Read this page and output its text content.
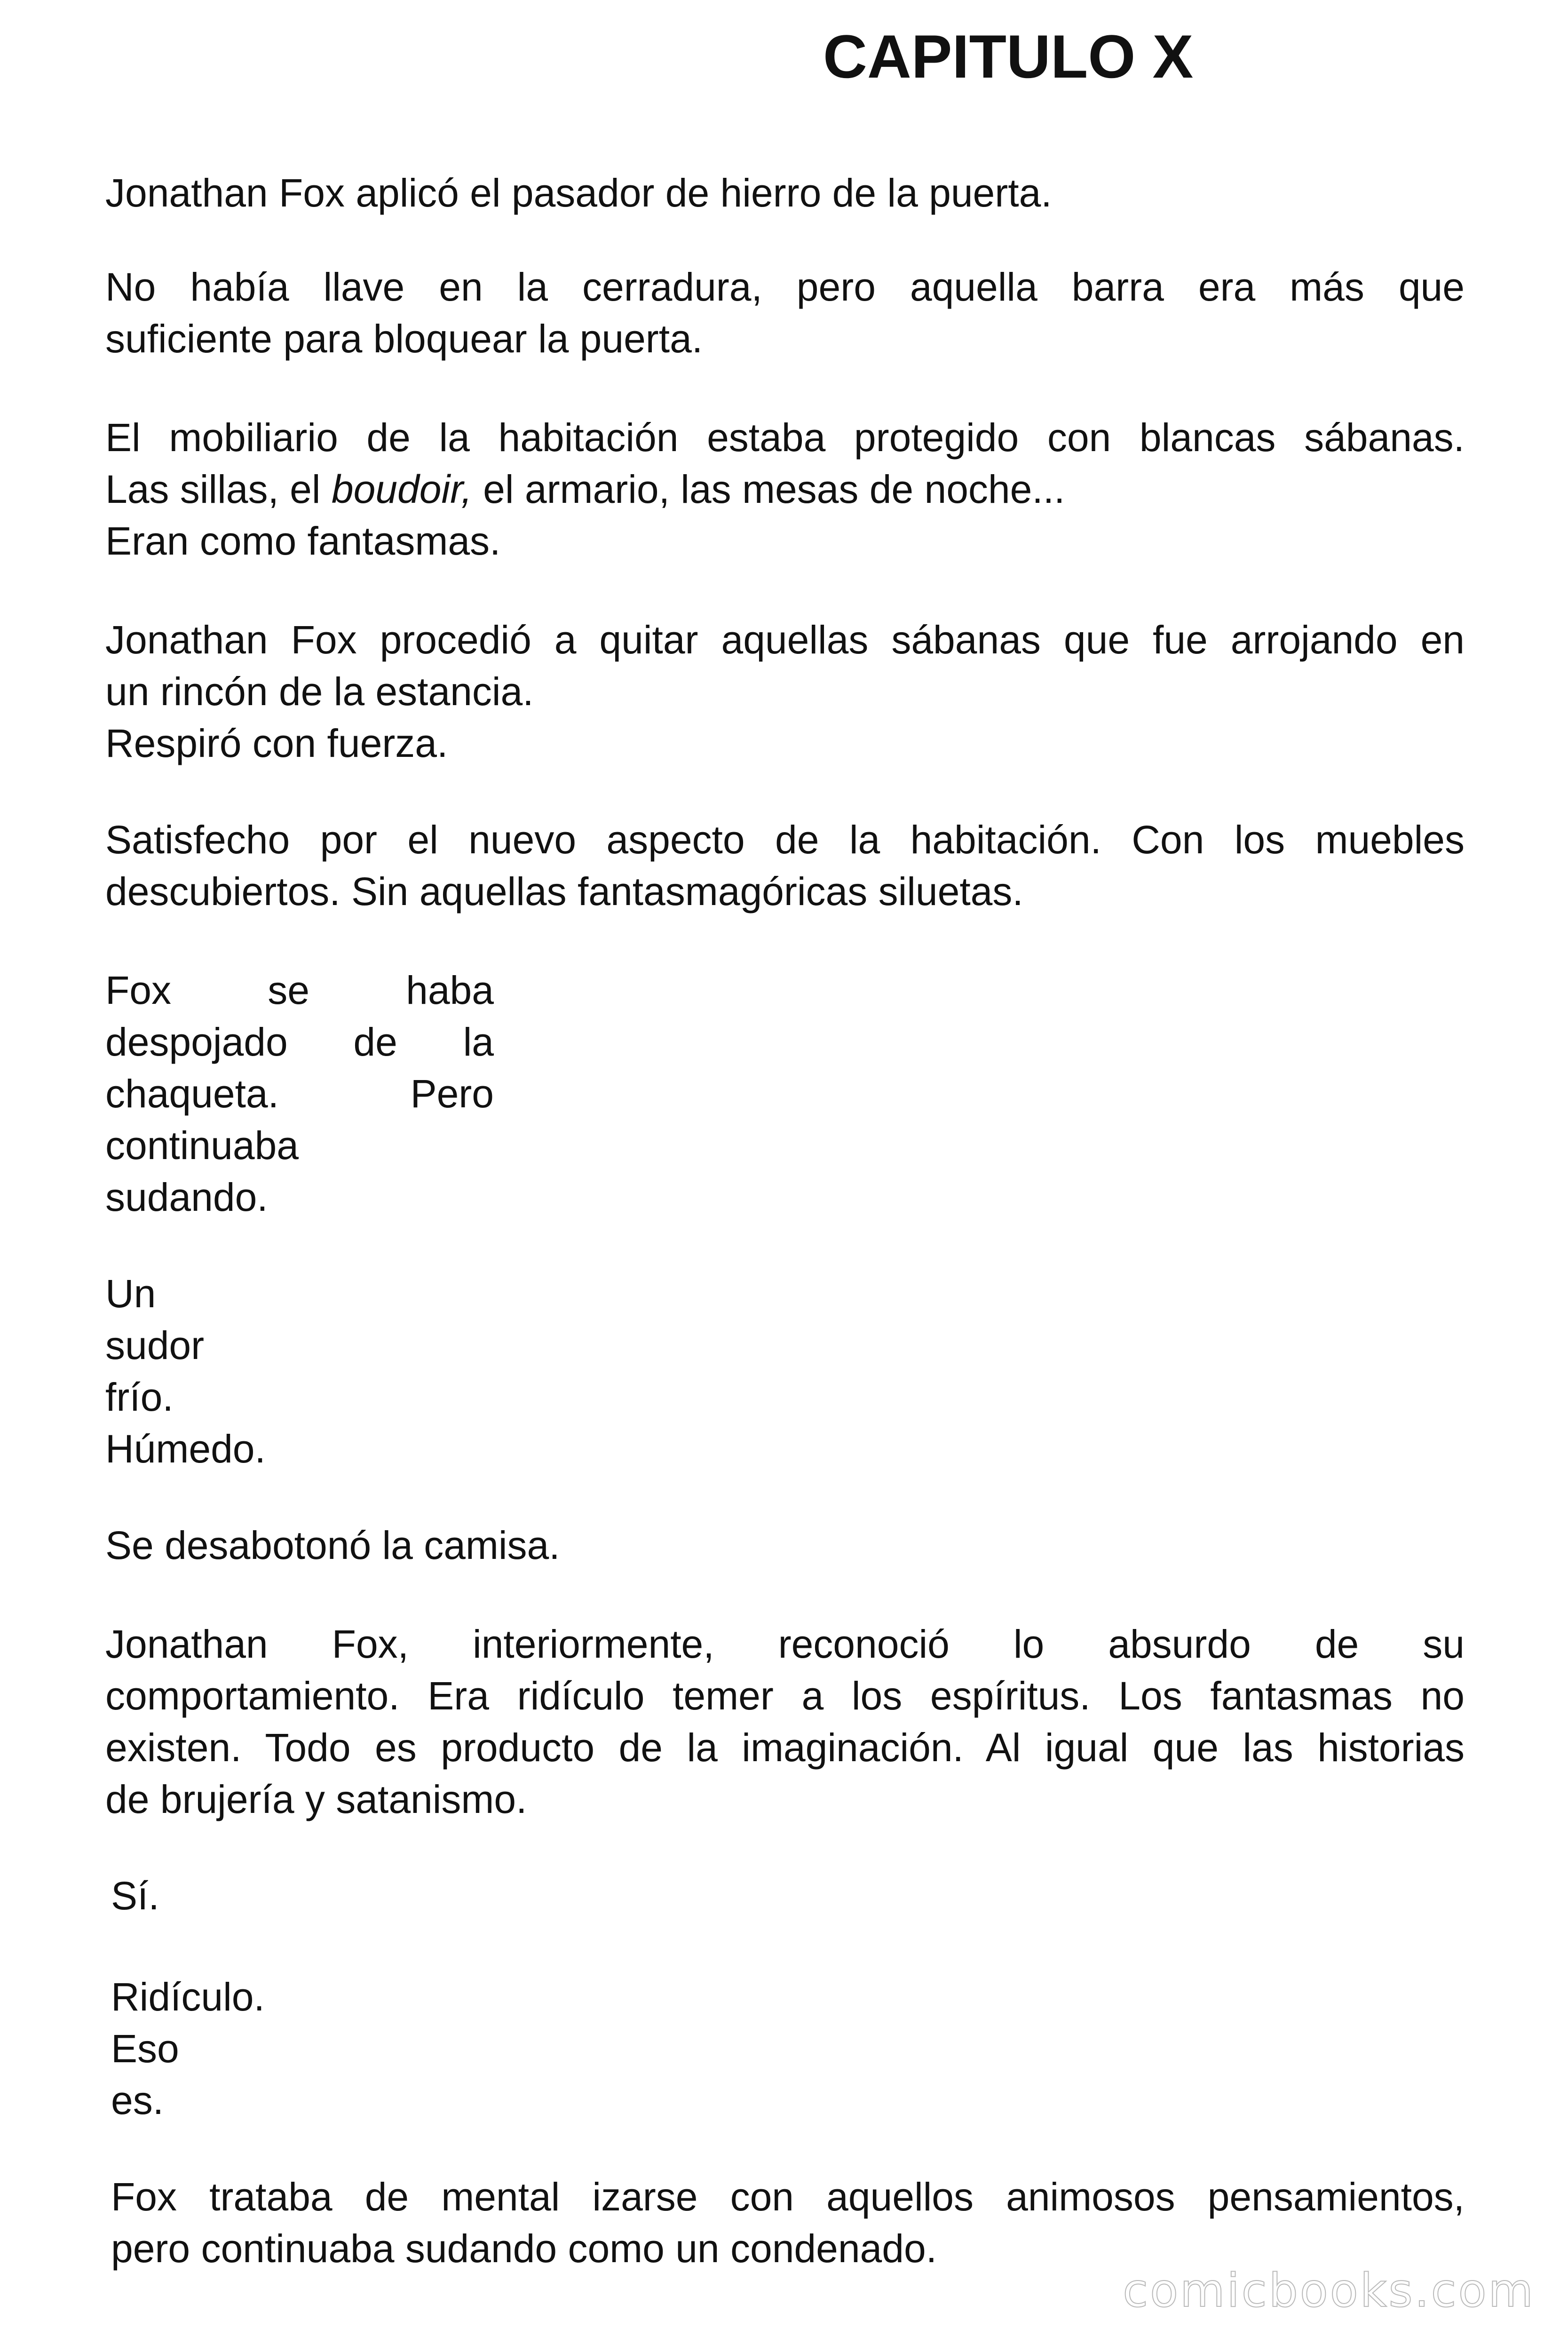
CAPITULO X

Jonathan Fox aplicó el pasador de hierro de la puerta.

No había llave en la cerradura, pero aquella barra era más que
suficiente para bloquear la puerta.

El mobiliario de la habitación estaba protegido con blancas sábanas.
Las sillas, el boudoir, el armario, las mesas de noche...
Eran como fantasmas.

Jonathan Fox procedió a quitar aquellas sábanas que fue arrojando en
un rincón de la estancia.
Respiró con fuerza.

Satisfecho por el nuevo aspecto de la habitación. Con los muebles
descubiertos. Sin aquellas fantasmagóricas siluetas.

Fox se haba
despojado de la
chaqueta. Pero
continuaba
sudando.

Un
sudor
frío.
Húmedo.

Se desabotonó la camisa.

Jonathan Fox, interiormente, reconoció lo absurdo de su
comportamiento. Era ridículo temer a los espíritus. Los fantasmas no
existen. Todo es producto de la imaginación. Al igual que las historias
de brujería y satanismo.

Sí.

Ridículo.
Eso
es.

Fox trataba de mental izarse con aquellos animosos pensamientos,
pero continuaba sudando como un condenado.

comicbooks.com
